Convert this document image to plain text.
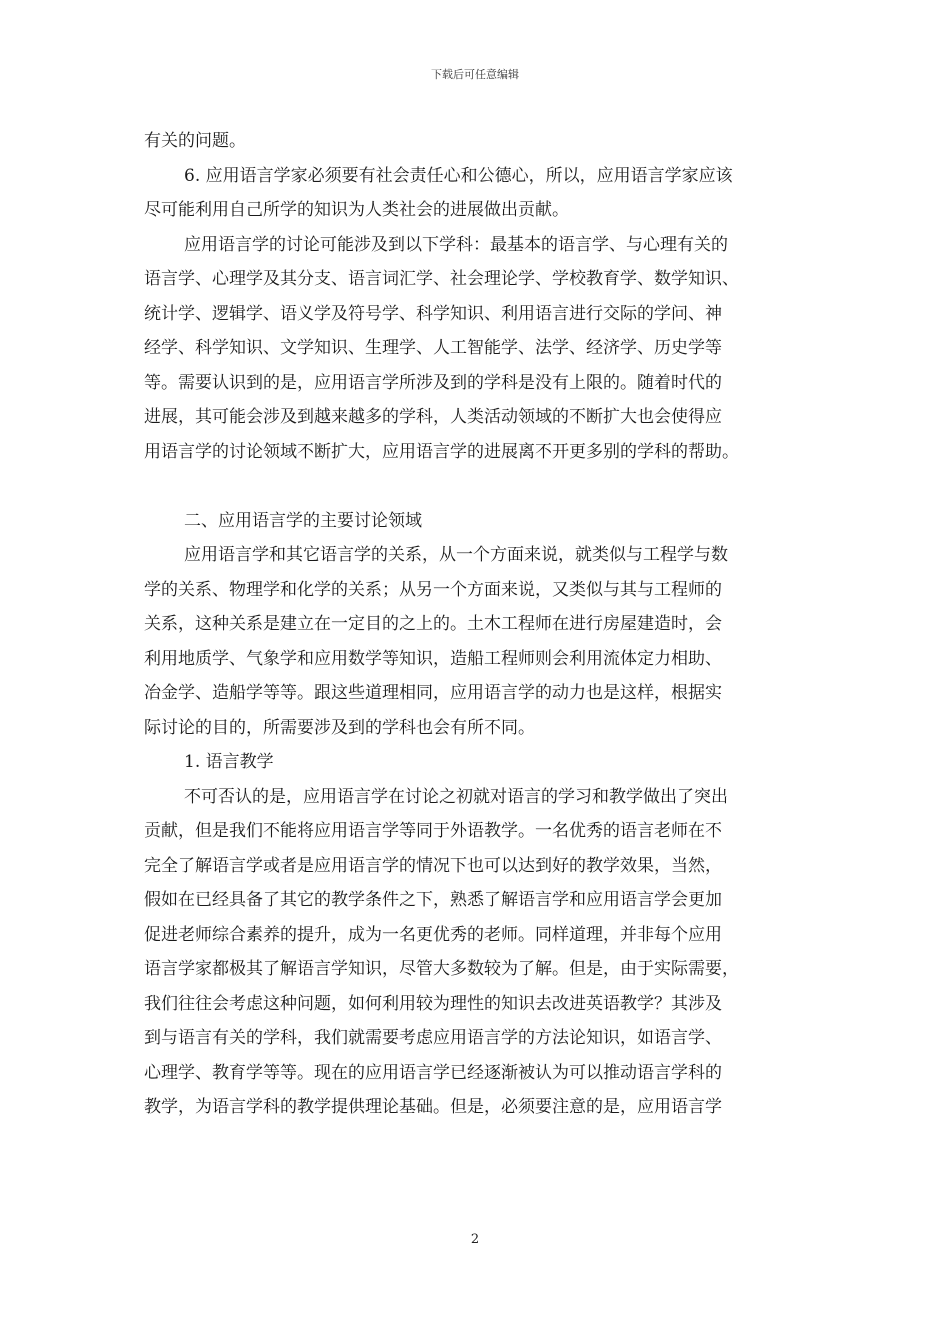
下载后可任意编辑
有关的问题。
6. 应用语言学家必须要有社会责任心和公德心，所以，应用语言学家应该
尽可能利用自己所学的知识为人类社会的进展做出贡献。
应用语言学的讨论可能涉及到以下学科：最基本的语言学、与心理有关的
语言学、心理学及其分支、语言词汇学、社会理论学、学校教育学、数学知识、
统计学、逻辑学、语义学及符号学、科学知识、利用语言进行交际的学问、神
经学、科学知识、文学知识、生理学、人工智能学、法学、经济学、历史学等
等。需要认识到的是，应用语言学所涉及到的学科是没有上限的。随着时代的
进展，其可能会涉及到越来越多的学科，人类活动领域的不断扩大也会使得应
用语言学的讨论领域不断扩大，应用语言学的进展离不开更多别的学科的帮助。
二、应用语言学的主要讨论领域
应用语言学和其它语言学的关系，从一个方面来说，就类似与工程学与数
学的关系、物理学和化学的关系；从另一个方面来说，又类似与其与工程师的
关系，这种关系是建立在一定目的之上的。土木工程师在进行房屋建造时，会
利用地质学、气象学和应用数学等知识，造船工程师则会利用流体定力相助、
冶金学、造船学等等。跟这些道理相同，应用语言学的动力也是这样，根据实
际讨论的目的，所需要涉及到的学科也会有所不同。
1. 语言教学
不可否认的是，应用语言学在讨论之初就对语言的学习和教学做出了突出
贡献，但是我们不能将应用语言学等同于外语教学。一名优秀的语言老师在不
完全了解语言学或者是应用语言学的情况下也可以达到好的教学效果，当然，
假如在已经具备了其它的教学条件之下，熟悉了解语言学和应用语言学会更加
促进老师综合素养的提升，成为一名更优秀的老师。同样道理，并非每个应用
语言学家都极其了解语言学知识，尽管大多数较为了解。但是，由于实际需要，
我们往往会考虑这种问题，如何利用较为理性的知识去改进英语教学？其涉及
到与语言有关的学科，我们就需要考虑应用语言学的方法论知识，如语言学、
心理学、教育学等等。现在的应用语言学已经逐渐被认为可以推动语言学科的
教学，为语言学科的教学提供理论基础。但是，必须要注意的是，应用语言学
2
